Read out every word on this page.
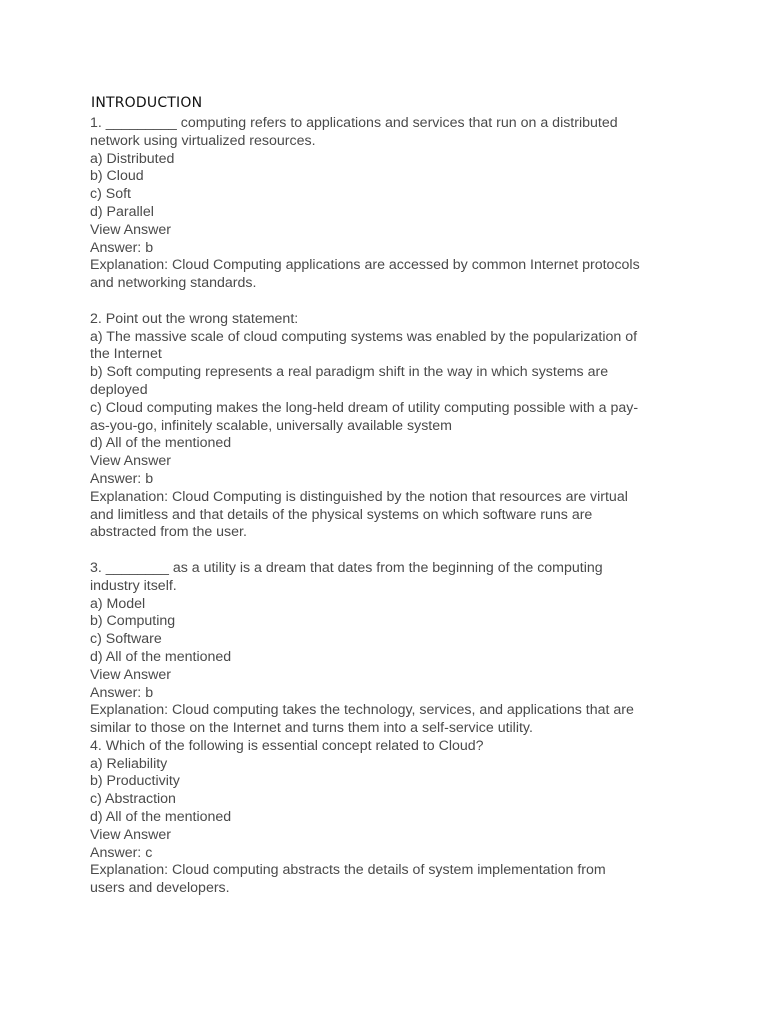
INTRODUCTION
1. _________ computing refers to applications and services that run on a distributed
network using virtualized resources.
a) Distributed
b) Cloud
c) Soft
d) Parallel
View Answer
Answer: b
Explanation: Cloud Computing applications are accessed by common Internet protocols
and networking standards.
2. Point out the wrong statement:
a) The massive scale of cloud computing systems was enabled by the popularization of
the Internet
b) Soft computing represents a real paradigm shift in the way in which systems are
deployed
c) Cloud computing makes the long-held dream of utility computing possible with a pay-
as-you-go, infinitely scalable, universally available system
d) All of the mentioned
View Answer
Answer: b
Explanation: Cloud Computing is distinguished by the notion that resources are virtual
and limitless and that details of the physical systems on which software runs are
abstracted from the user.
3. ________ as a utility is a dream that dates from the beginning of the computing
industry itself.
a) Model
b) Computing
c) Software
d) All of the mentioned
View Answer
Answer: b
Explanation: Cloud computing takes the technology, services, and applications that are
similar to those on the Internet and turns them into a self-service utility.
4. Which of the following is essential concept related to Cloud?
a) Reliability
b) Productivity
c) Abstraction
d) All of the mentioned
View Answer
Answer: c
Explanation: Cloud computing abstracts the details of system implementation from
users and developers.
